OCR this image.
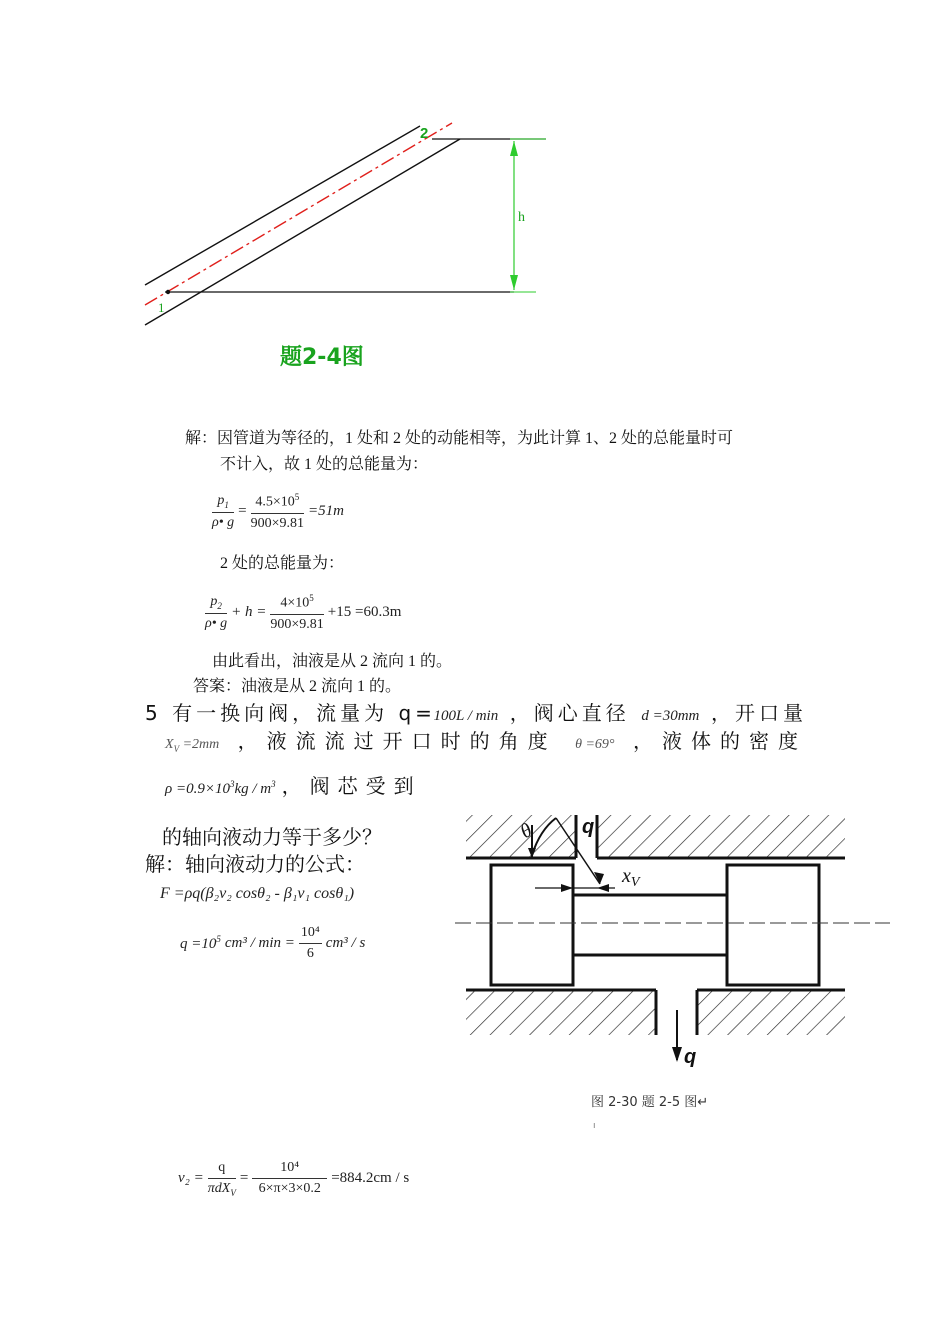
1
2
h
题2-4图
解：因管道为等径的，1 处和 2 处的动能相等，为此计算 1、2 处的总能量时可
不计入，故 1 处的总能量为：
$\frac{p_1}{\rho• g} = \frac{4.5\times 10^5}{900\times 9.81} =51m$
2 处的总能量为：
$\frac{p_2}{\rho• g} + h = \frac{4\times 10^5}{900\times 9.81} +15 =60.3m$
由此看出，油液是从 2 流向 1 的。
答案：油液是从 2 流向 1 的。
5 有一换向阀，流量为 q=
100L / min ，阀心直径 d =30mm ，开口量
$X_V =2mm$ ，液流流过开口时的角度 θ =69° ，液体的密度
$\rho =0.9\times 10^3kg / m^3$ ，阀芯受到
的轴向液动力等于多少？
解：轴向液动力的公式：
F =ρq(β₂v₂ cosθ₂ - β₁v₁ cosθ₁)
$q =10^5$ $cm^3 / \min = \frac{\text{10⁴}}{6} cm^3 / s$
$v_2 = \frac{q}{\pi dX_V} = \frac{\text{10⁴}}{6\times\pi\times 3\times 0.2} =884.2cm / s$
θ q
$x_V$
q
图 2-30 题 2-5 图↵
ı
